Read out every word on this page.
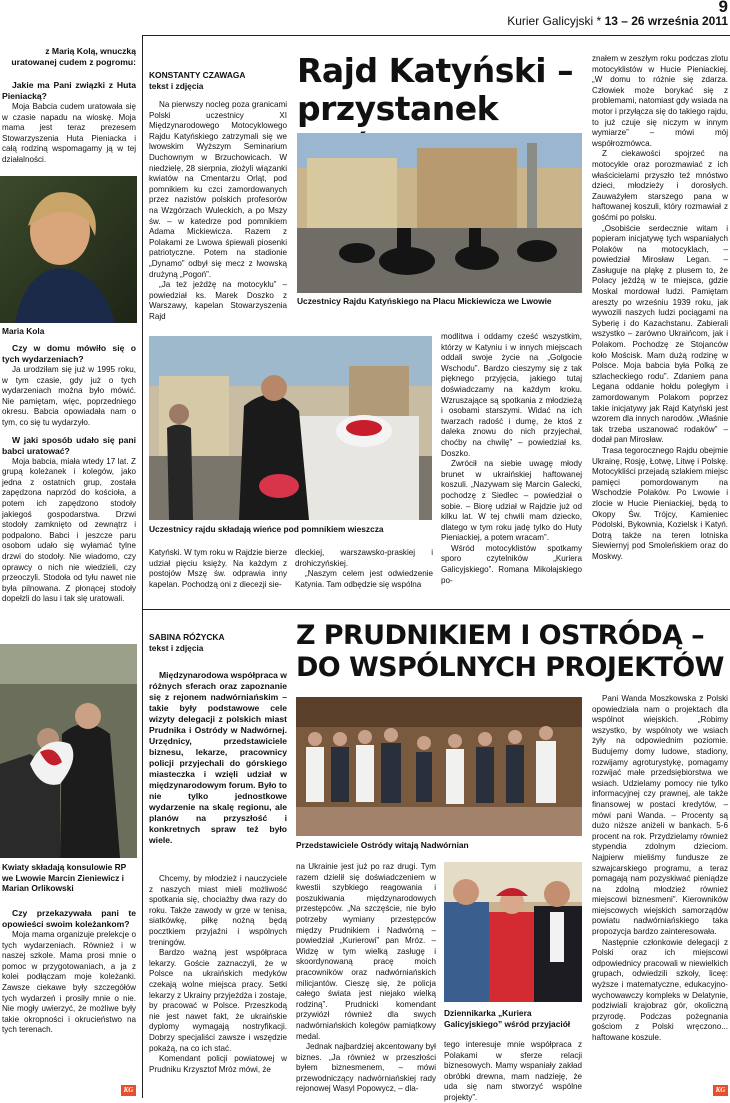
9
Kurier Galicyjski * 13 – 26 września 2011
z Marią Kolą, wnuczką uratowanej cudem z pogromu:

Jakie ma Pani związki z Huta Pieniacką?

Moja Babcia cudem uratowała się w czasie napadu na wioskę. Moja mama jest teraz prezesem Stowarzyszenia Huta Pieniacka i całą rodziną wspomagamy ją w tej działalności.

Maria Kola

Czy w domu mówiło się o tych wydarzeniach?

Ja urodziłam się już w 1995 roku, w tym czasie, gdy już o tych wydarzeniach można było mówić. Nie pamiętam, więc, poprzedniego okresu. Babcia opowiadała nam o tym, co się tu wydarzyło.

W jaki sposób udało się pani babci uratować?

Moja babcia, miała wtedy 17 lat. Z grupą koleżanek i kolegów, jako jedna z ostatnich grup, została zapędzona naprzód do kościoła, a potem ich zapędzono stodoły jakiegoś gospodarstwa. Drzwi stodoły zamknięto od zewnątrz i podpalono. Babci i jeszcze paru osobom udało się wyłamać tylne drzwi do stodoły. Nie wiadomo, czy oprawcy o nich nie wiedzieli, czy przeoczyli. Stodoła od tyłu nawet nie była pilnowana. Z płonącej stodoły dopełzli do lasu i tak się uratowali.

Kwiaty składają konsulowie RP we Lwowie Marcin Zieniewicz i Marian Orlikowski

Czy przekazywała pani te opowieści swoim koleżankom?

Moja mama organizuje prelekcje o tych wydarzeniach. Również i w naszej szkole. Mama prosi mnie o pomoc w przygotowaniach, a ja z kolei podłączam moje koleżanki. Zawsze ciekawe były szczegółów tych wydarzeń i prosiły mnie o nie. Nie mogły uwierzyć, że możliwe były takie okropności i okrucieństwo na tych terenach.

KG
KONSTANTY CZAWAGA
tekst i zdjęcia	Rajd Katyński –
przystanek

Na pierwszy nocleg poza granicami Polski uczestnicy XI Międzynarodowego Motocyklowego Rajdu Katyńskiego zatrzymali się we lwowskim Wyższym Seminarium Duchownym w Brzuchowicach. W niedzielę, 28 sierpnia, złożyli wiązanki kwiatów na Cmentarzu Orląt, pod pomnikiem ku czci zamordowanych przez nazistów polskich profesorów na Wzgórzach Wuleckich, a po Mszy św. – w katedrze pod pomnikiem Adama Mickiewicza. Razem z Polakami ze Lwowa śpiewali piosenki patriotyczne. Potem na stadionie „Dynamo” odbył się mecz z lwowską drużyną „Pogoń”.

„Ja też jeżdżę na motocyklu” – powiedział ks. Marek Doszko z Warszawy, kapelan Stowarzyszenia Rajd

Uczestnicy Rajdu Katyńskiego na Placu Mickiewicza we Lwowie
Uczestnicy rajdu składają wieńce pod pomnikiem wieszcza

Katyński. W tym roku w Rajdzie bierze udział pięciu księży. Na każdym z postojów Mszę św. odprawia inny kapelan. Pochodzą oni z diecezji sie-

dleckiej, warszawsko-praskiej i drohiczyńskiej.

„Naszym celem jest odwiedzenie Katynia. Tam odbędzie się wspólna

modlitwa i oddamy cześć wszystkim, którzy w Katyniu i w innych miejscach oddali swoje życie na „Golgocie Wschodu”. Bardzo cieszymy się z tak pięknego przyjęcia, jakiego tutaj doświadczamy na każdym kroku. Wzruszające są spotkania z młodzieżą i osobami starszymi. Widać na ich twarzach radość i dumę, że ktoś z daleka znowu do nich przyjechał, choćby na chwilę” – powiedział ks. Doszko.

Zwrócił na siebie uwagę młody brunet w ukraińskiej haftowanej koszuli. „Nazywam się Marcin Galecki, pochodzę z Siedlec – powiedział o sobie. – Biorę udział w Rajdzie już od kilku lat. W tej chwili mam dziecko, dlatego w tym roku jadę tylko do Huty Pieniackiej, a potem wracam”.

Wśród motocyklistów spotkamy sporo czytelników „Kuriera Galicyjskiego”. Romana Mikołajskiego po-

znałem w zeszłym roku podczas zlotu motocyklistów w Hucie Pieniackiej. „W domu to różnie się zdarza. Człowiek może borykać się z problemami, natomiast gdy wsiada na motor i przyłącza się do takiego rajdu, to już czuje się niczym w innym wymiarze” – mówi mój współrozmówca.

Z ciekawości spojrzeć na motocykle oraz porozmawiać z ich właścicielami przyszło też mnóstwo dzieci, młodzieży i dorosłych. Zauważyłem starszego pana w haftowanej koszuli, który rozmawiał z gośćmi po polsku.

„Osobiście serdecznie witam i popieram inicjatywę tych wspaniałych Polaków na motocyklach, – powiedział Mirosław Legan. – Zasługuje na pląkę z plusem to, że Polacy jeżdżą w te miejsca, gdzie Moskal mordował ludzi. Pamiętam aresztу po wrześniu 1939 roku, jak wywozili naszych ludzi pociągami na Syberię i do Kazachstanu. Zabierali wszystko – zarówno Ukraińcom, jak i Polakom. Pochodzę ze Stojanców koło Mościsk. Mam dużą rodzinę w Polsce. Moja babcia była Polką ze szlacheckiego rodu”. Zdaniem pana Legana oddanie hołdu poległym i zamordowanym Polakom poprzez takie inicjatywy jak Rajd Katyński jest wzorem dla innych narodów. „Właśnie tak trzeba uszanować rodaków” – dodał pan Mirosław.

Trasa tegorocznego Rajdu obejmie Ukrainę, Rosję, Łotwę, Litwę i Polskę. Motocykliści przejadą szlakiem miejsc pamięci pomordowanym na Wschodzie Polaków. Po Lwowie i zlocie w Hucie Pieniackiej, będą to Okopy Św. Trójcy, Kamieniec Podolski, Bykownia, Kozielsk i Katyń. Dotrą także na teren lotniska Siewiernyj pod Smoleńskiem oraz do Moskwy.

SABINA RÓŻYCKA
tekst i zdjęcia	Z PRUDNIKIEM I OSTRÓDĄ –
DO WSPÓLNYCH PROJEKTÓW

Międzynarodowa współpraca w różnych sferach oraz zapoznanie się z rejonem nadwórniańskim – takie były podstawowe cele wizyty delegacji z polskich miast Prudnika i Ostródy w Nadwórnej. Urzędnicy, przedstawiciele biznesu, lekarze, pracownicy policji przyjechali do górskiego miasteczka i wzięli udział w międzynarodowym forum. Było to nie tylko jednostkowe wydarzenie na skalę regionu, ale planów na przyszłość i konkretnych spraw też było wiele.

Chcemy, by młodzież i nauczyciele z naszych miast mieli możliwość spotkania się, chociażby dwa razy do roku. Także zawody w grze w tenisa, siatkówkę, piłkę nożną będą pocztkiem przyjaźni i wspólnych treningów.

Bardzo ważną jest współpraca lekarzy. Goście zaznaczyli, że w Polsce na ukraińskich medyków czekają wolne miejsca pracy. Setki lekarzy z Ukrainy przyjeżdża i zostaje, by pracować w Polsce. Przeszkodą nie jest nawet fakt, że ukraińskie dyplomy wymagają nostryfikacji. Dobrzy specjaliści zawsze i wszędzie pokażą, na co ich stać.

Komendant policji powiatowej w Prudniku Krzysztof Mróz mówi, że

Przedstawiciele Ostródy witają Nadwórnian

na Ukrainie jest już po raz drugi. Tym razem dzielił się doświadczeniem w kwestii szybkiego reagowania i poszukiwania międzynarodowych przestępców. „Na szczęście, nie było potrzeby wymiany przestępców między Prudnikiem i Nadwórną – powiedział „Kurierowi” pan Mróz. – Widzę w tym wielką zasługę i skoordynowaną pracę moich pracowników oraz nadwórniańskich milicjantów. Cieszę się, że policja całego świata jest niejako wielką rodziną”. Prudnicki komendant przywiózł również dla swych nadwórniańskich kolegów pamiątkowy medal.

Jednak najbardziej akcentowany był biznes. „Ja również w przeszłości byłem biznesmenem, – mówi przewodniczący nadwórniańskiej rady rejonowej Wasyl Popowycz, – dla-

Dziennikarka „Kuriera Galicyjskiego” wśród przyjaciół

tego interesuje mnie współpraca z Polakami w sferze relacji biznesowych. Mamy wspaniały zakład obróbki drewna, mam nadzieję, że uda się nam stworzyć wspólne projekty”.

Pani Wanda Moszkowska z Polski opowiedziała nam o projektach dla wspólnot wiejskich. „Robimy wszystko, by wspólnoty we wsiach żyły na odpowiednim poziomie. Budujemy domy ludowe, stadiony, rozwijamy agroturystykę, pomagamy rozwijać małe przedsiębiorstwa we wsiach. Udzielamy pomocy nie tylko informacyjnej czy prawnej, ale także finansowej w postaci kredytów, – mówi pani Wanda. – Procenty są dużo niższe aniżeli w bankach. 5-6 procent na rok. Przydzielamy również stypendia zdolnym dzieciom. Najpierw mieliśmy fundusze ze szwajcarskiego programu, a teraz pomagają nam pozyskiwać pieniądze na zdolną młodzież również miejscowi biznesmeni”. Kierowników miejscowych wiejskich samorządów powiatu nadwórniańskiego taka propozycja bardzo zainteresowała.

Następnie członkowie delegacji z Polski oraz ich miejscowi odpowiednicy pracowali w niewielkich grupach, odwiedzili szkoły, liceę: wyższe i matematyczne, edukacyjno-wychowawczy kompleks w Delatynie, podziwiali krajobraz gór, okoliczną przyrodę. Podczas pożegnania gościom z Polski wręczono... haftowane koszule.

KG
